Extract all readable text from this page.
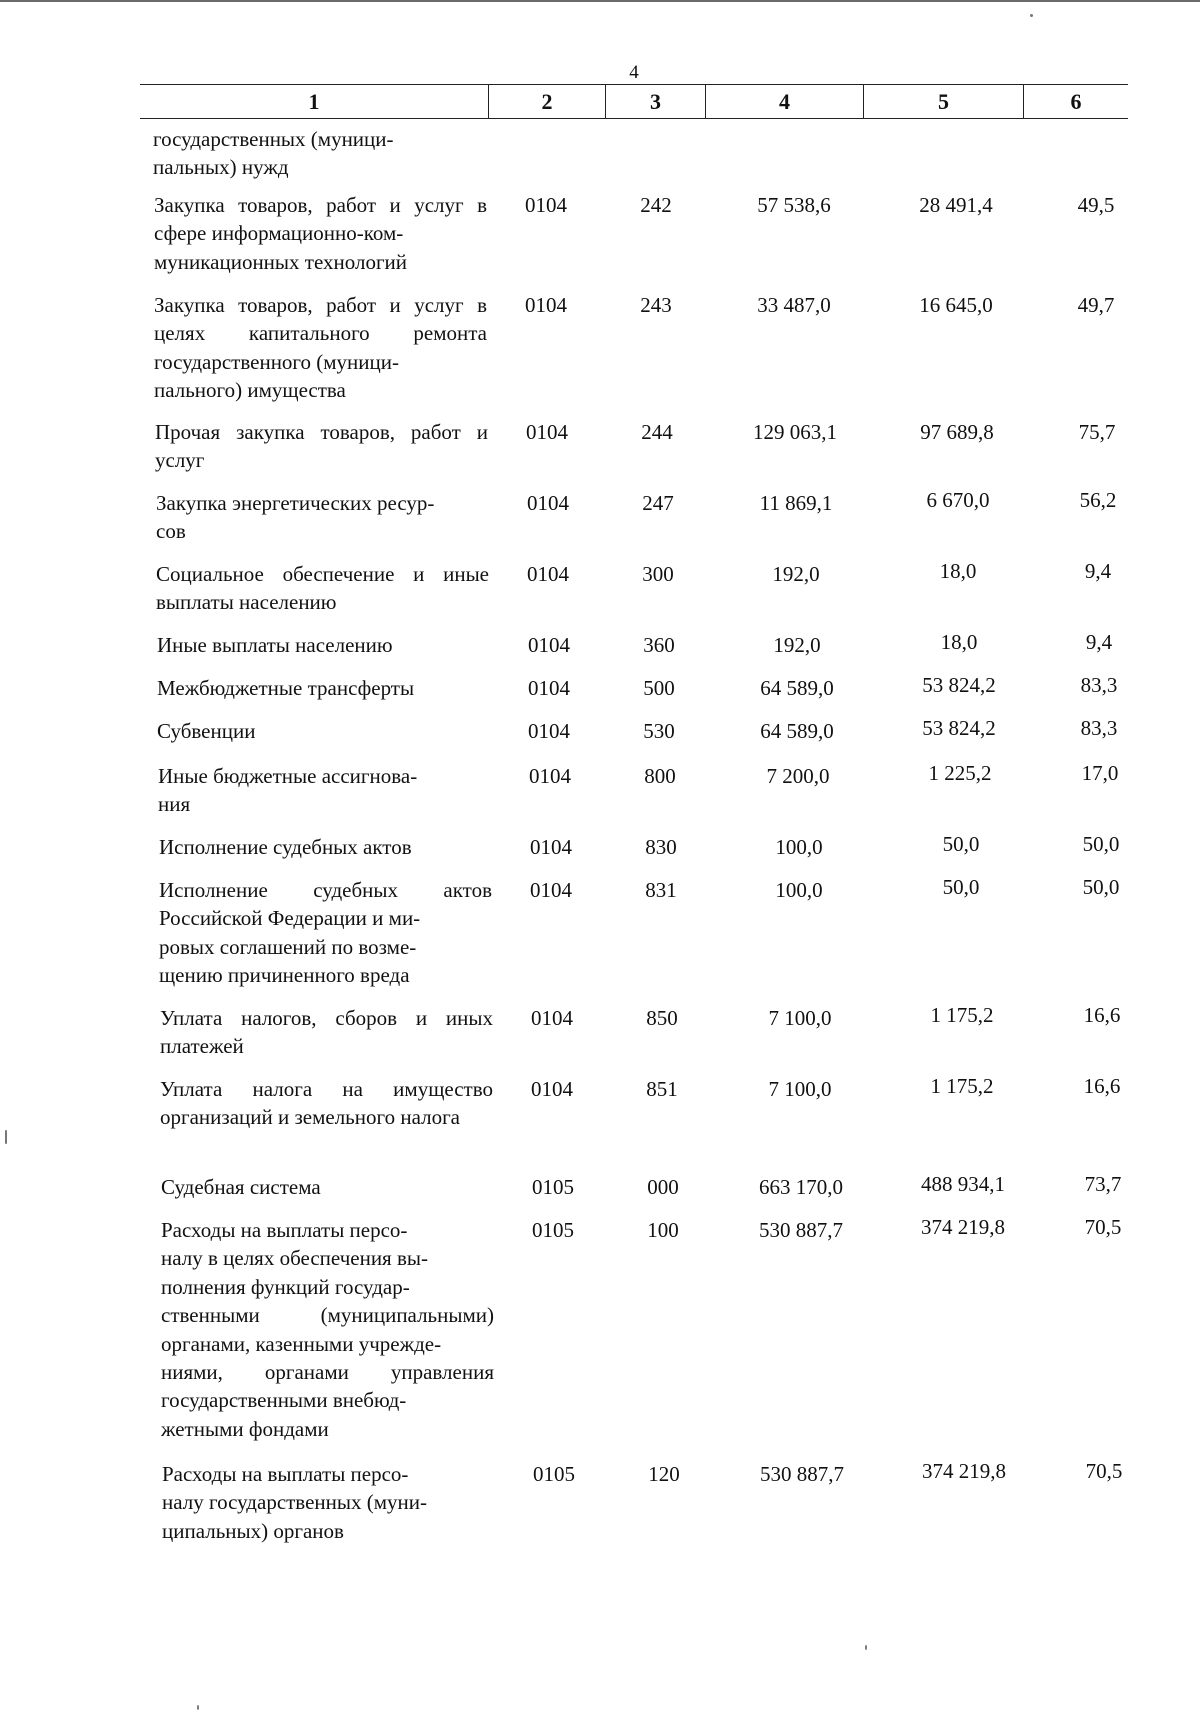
4
1	2	3	4	5	6
государственных (муници-
пальных) нужд
Закупка товаров, работ и услуг в сфере информационно-ком-
муникационных технологий
0104	242	57 538,6	28 491,4	49,5
Закупка товаров, работ и услуг в целях капитального ремонта государственного (муници-
пального) имущества
0104	243	33 487,0	16 645,0	49,7
Прочая закупка товаров, работ и услуг
0104	244	129 063,1	97 689,8	75,7
Закупка энергетических ресур-
сов
0104	247	11 869,1	6 670,0	56,2
Социальное обеспечение и иные выплаты населению
0104	300	192,0	18,0	9,4
Иные выплаты населению	0104	360	192,0	18,0	9,4
Межбюджетные трансферты	0104	500	64 589,0	53 824,2	83,3
Субвенции	0104	530	64 589,0	53 824,2	83,3
Иные бюджетные ассигнова-
ния
0104	800	7 200,0	1 225,2	17,0
Исполнение судебных актов	0104	830	100,0	50,0	50,0
Исполнение судебных актов Российской Федерации и ми-
ровых соглашений по возме-
щению причиненного вреда
0104	831	100,0	50,0	50,0
Уплата налогов, сборов и иных платежей
0104	850	7 100,0	1 175,2	16,6
Уплата налога на имущество организаций и земельного налога
0104	851	7 100,0	1 175,2	16,6
Судебная система	0105	000	663 170,0	488 934,1	73,7
Расходы на выплаты персо-
налу в целях обеспечения вы-
полнения функций государ-
ственными (муниципальными) органами, казенными учрежде-
ниями, органами управления государственными внебюд-
жетными фондами
0105	100	530 887,7	374 219,8	70,5
Расходы на выплаты персо-
налу государственных (муни-
ципальных) органов
0105	120	530 887,7	374 219,8	70,5
